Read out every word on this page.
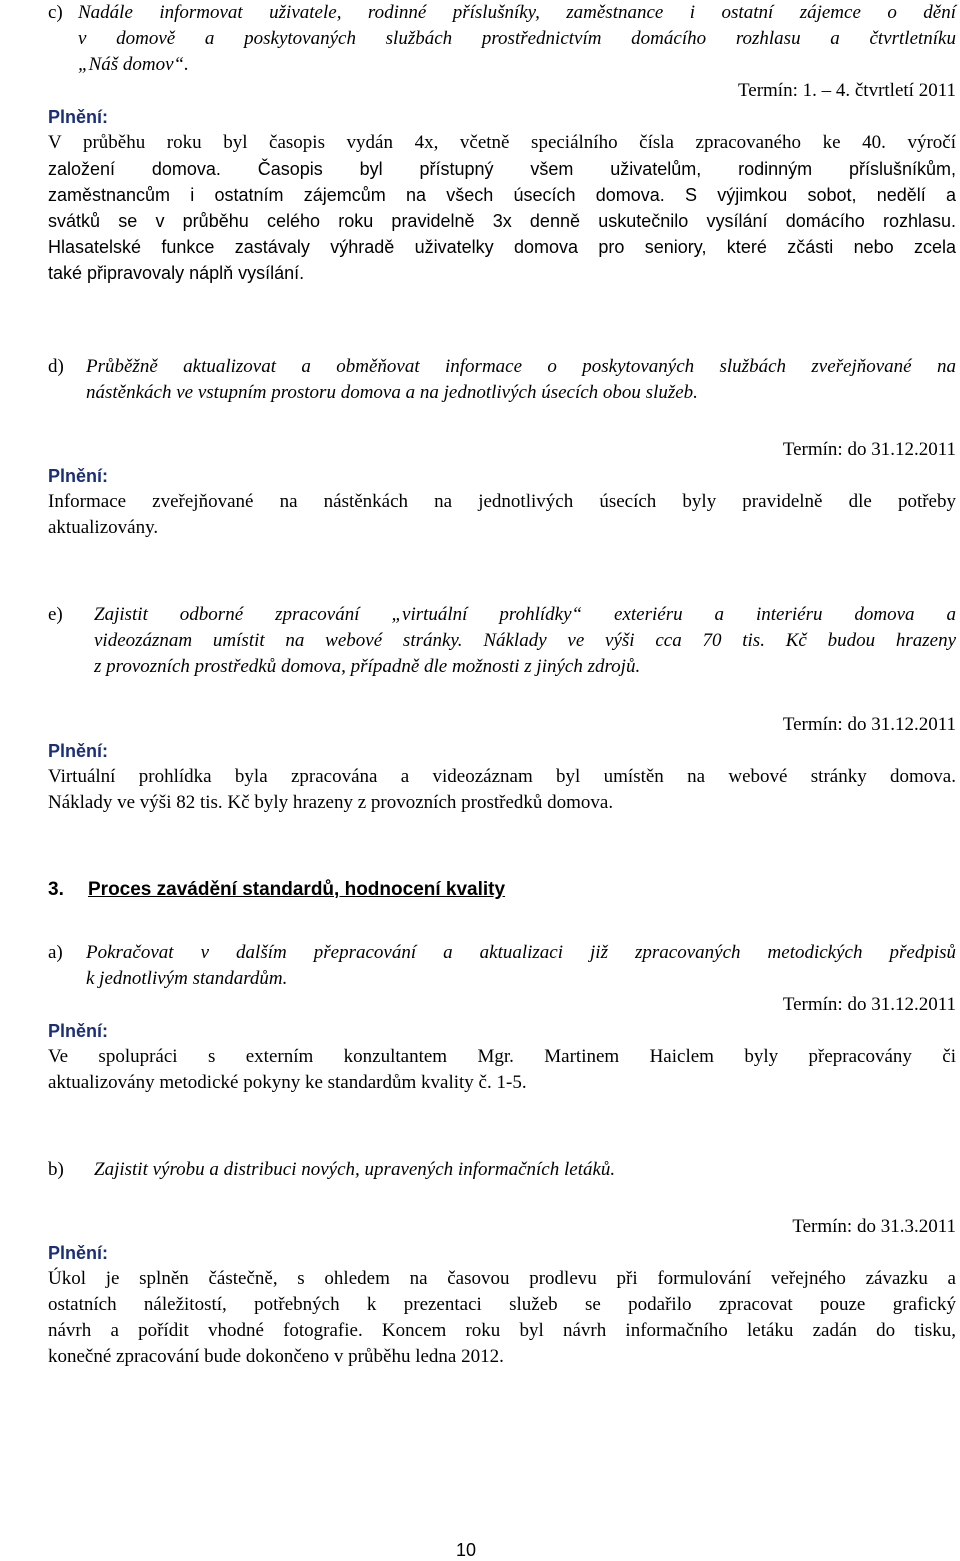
c) Nadále informovat uživatele, rodinné příslušníky, zaměstnance i ostatní zájemce o dění
v domově a poskytovaných službách prostřednictvím domácího rozhlasu a čtvrtletníku
„Náš domov“.
Termín: 1. – 4. čtvrtletí 2011
Plnění:
V průběhu roku byl časopis vydán 4x, včetně speciálního čísla zpracovaného ke 40. výročí
založení domova. Časopis byl přístupný všem uživatelům, rodinným příslušníkům,
zaměstnancům i ostatním zájemcům na všech úsecích domova. S výjimkou sobot, nedělí a
svátků se v průběhu celého roku pravidelně 3x denně uskutečnilo vysílání domácího rozhlasu.
Hlasatelské funkce zastávaly výhradě uživatelky domova pro seniory, které zčásti nebo zcela
také připravovaly náplň vysílání.
d) Průběžně aktualizovat a obměňovat informace o poskytovaných službách zveřejňované na
nástěnkách ve vstupním prostoru domova a na jednotlivých úsecích obou služeb.
Termín: do 31.12.2011
Plnění:
Informace zveřejňované na nástěnkách na jednotlivých úsecích byly pravidelně dle potřeby
aktualizovány.
e) Zajistit odborné zpracování „virtuální prohlídky“ exteriéru a interiéru domova a
videozáznam umístit na webové stránky. Náklady ve výši cca 70 tis. Kč budou hrazeny
z provozních prostředků domova, případně dle možnosti z jiných zdrojů.
Termín: do 31.12.2011
Plnění:
Virtuální prohlídka byla zpracována a videozáznam byl umístěn na webové stránky domova.
Náklady ve výši 82 tis. Kč byly hrazeny z provozních prostředků domova.
3. Proces zavádění standardů, hodnocení kvality
a) Pokračovat v dalším přepracování a aktualizaci již zpracovaných metodických předpisů
k jednotlivým standardům.
Termín: do 31.12.2011
Plnění:
Ve spolupráci s externím konzultantem Mgr. Martinem Haiclem byly přepracovány či
aktualizovány metodické pokyny ke standardům kvality č. 1-5.
b) Zajistit výrobu a distribuci nových, upravených informačních letáků.
Termín: do 31.3.2011
Plnění:
Úkol je splněn částečně, s ohledem na časovou prodlevu při formulování veřejného závazku a
ostatních náležitostí, potřebných k prezentaci služeb se podařilo zpracovat pouze grafický
návrh a pořídit vhodné fotografie. Koncem roku byl návrh informačního letáku zadán do tisku,
konečné zpracování bude dokončeno v průběhu ledna 2012.
10
